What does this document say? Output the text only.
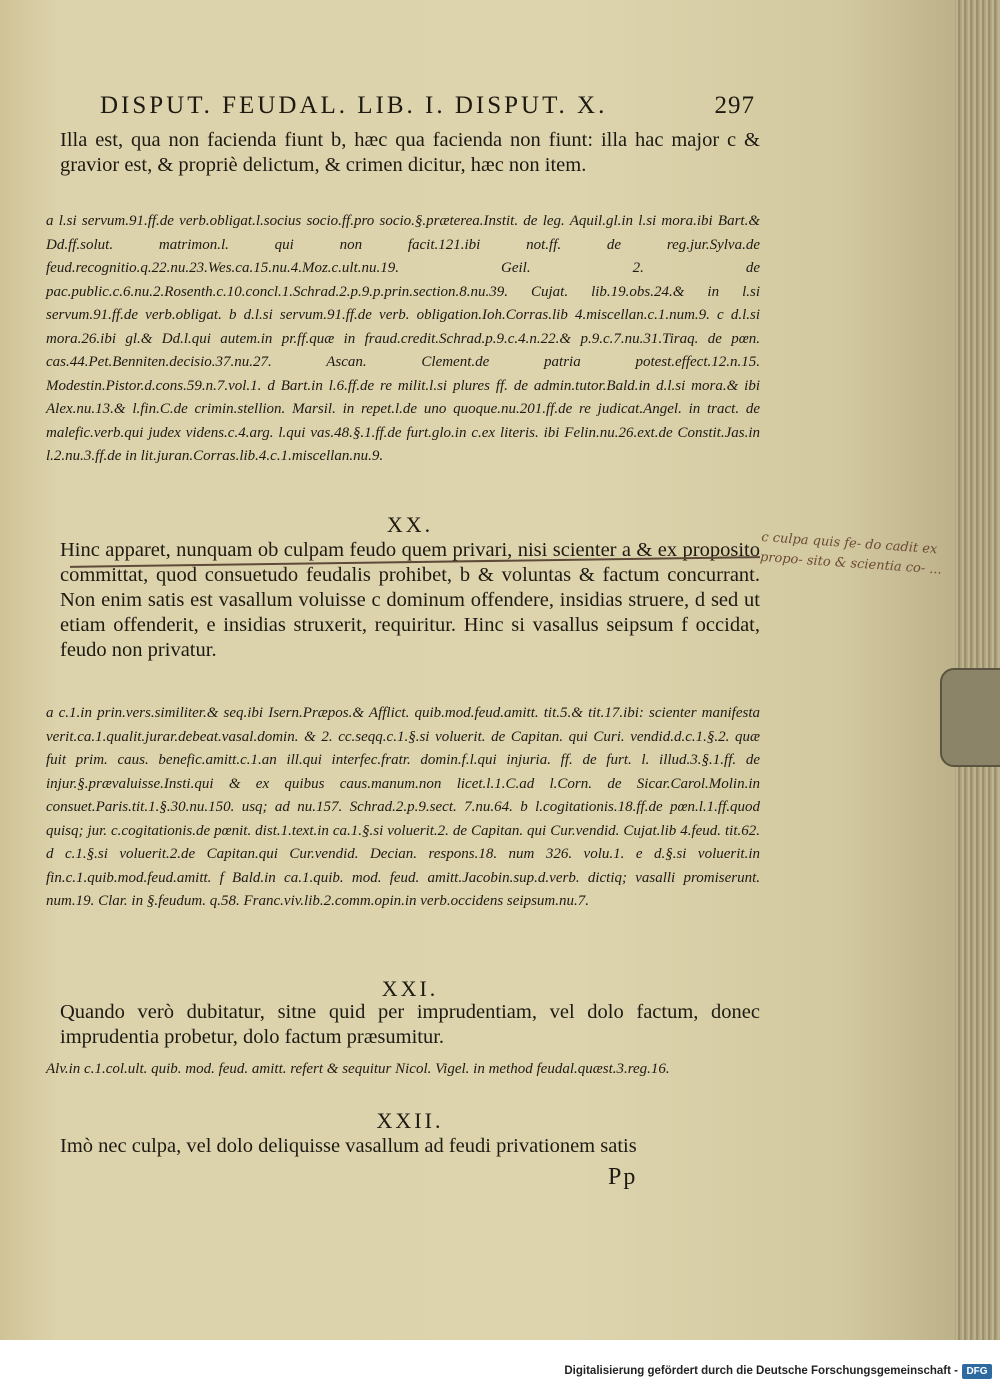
DISPUT. FEUDAL. LIB. I. DISPUT. X.	297
Illa est, qua non facienda fiunt b, hæc qua facienda non fiunt: illa hac major c & gravior est, & propriè delictum, & crimen dicitur, hæc non item.
a l.si servum.91.ff.de verb.obligat.l.socius socio.ff.pro socio.§.præterea.Instit. de leg. Aquil.gl.in l.si mora.ibi Bart.& Dd.ff.solut. matrimon.l. qui non facit.121.ibi not.ff. de reg.jur.Sylva.de feud.recognitio.q.22.nu.23.Wes.ca.15.nu.4.Moz.c.ult.nu.19. Geil. 2. de pac.public.c.6.nu.2.Rosenth.c.10.concl.1.Schrad.2.p.9.p.prin.section.8.nu.39. Cujat. lib.19.obs.24.& in l.si servum.91.ff.de verb.obligat. b d.l.si servum.91.ff.de verb. obligation.Ioh.Corras.lib 4.miscellan.c.1.num.9. c d.l.si mora.26.ibi gl.& Dd.l.qui autem.in pr.ff.quæ in fraud.credit.Schrad.p.9.c.4.n.22.& p.9.c.7.nu.31.Tiraq. de pœn. cas.44.Pet.Benniten.decisio.37.nu.27. Ascan. Clement.de patria potest.effect.12.n.15. Modestin.Pistor.d.cons.59.n.7.vol.1. d Bart.in l.6.ff.de re milit.l.si plures ff. de admin.tutor.Bald.in d.l.si mora.& ibi Alex.nu.13.& l.fin.C.de crimin.stellion. Marsil. in repet.l.de uno quoque.nu.201.ff.de re judicat.Angel. in tract. de malefic.verb.qui judex videns.c.4.arg. l.qui vas.48.§.1.ff.de furt.glo.in c.ex literis. ibi Felin.nu.26.ext.de Constit.Jas.in l.2.nu.3.ff.de in lit.juran.Corras.lib.4.c.1.miscellan.nu.9.
XX.
Hinc apparet, nunquam ob culpam feudo quem privari, nisi scienter a & ex proposito committat, quod consuetudo feudalis prohibet, b & voluntas & factum concurrant. Non enim satis est vasallum voluisse c dominum offendere, insidias struere, d sed ut etiam offenderit, e insidias struxerit, requiritur. Hinc si vasallus seipsum f occidat, feudo non privatur.
c culpa quis fe- do cadit ex propo- sito & scientia co- ...
a c.1.in prin.vers.similiter.& seq.ibi Isern.Præpos.& Afflict. quib.mod.feud.amitt. tit.5.& tit.17.ibi: scienter manifesta verit.ca.1.qualit.jurar.debeat.vasal.domin. & 2. cc.seqq.c.1.§.si voluerit. de Capitan. qui Curi. vendid.d.c.1.§.2. quæ fuit prim. caus. benefic.amitt.c.1.an ill.qui interfec.fratr. domin.f.l.qui injuria. ff. de furt. l. illud.3.§.1.ff. de injur.§.prævaluisse.Insti.qui & ex quibus caus.manum.non licet.l.1.C.ad l.Corn. de Sicar.Carol.Molin.in consuet.Paris.tit.1.§.30.nu.150. usq; ad nu.157. Schrad.2.p.9.sect. 7.nu.64. b l.cogitationis.18.ff.de pœn.l.1.ff.quod quisq; jur. c.cogitationis.de pœnit. dist.1.text.in ca.1.§.si voluerit.2. de Capitan. qui Cur.vendid. Cujat.lib 4.feud. tit.62. d c.1.§.si voluerit.2.de Capitan.qui Cur.vendid. Decian. respons.18. num 326. volu.1. e d.§.si voluerit.in fin.c.1.quib.mod.feud.amitt. f Bald.in ca.1.quib. mod. feud. amitt.Jacobin.sup.d.verb. dictiq; vasalli promiserunt. num.19. Clar. in §.feudum. q.58. Franc.viv.lib.2.comm.opin.in verb.occidens seipsum.nu.7.
XXI.
Quando verò dubitatur, sitne quid per imprudentiam, vel dolo factum, donec imprudentia probetur, dolo factum præsumitur.
Alv.in c.1.col.ult. quib. mod. feud. amitt. refert & sequitur Nicol. Vigel. in method feudal.quæst.3.reg.16.
XXII.
Imò nec culpa, vel dolo deliquisse vasallum ad feudi privationem satis
Pp
Digitalisierung gefördert durch die Deutsche Forschungsgemeinschaft - DFG
